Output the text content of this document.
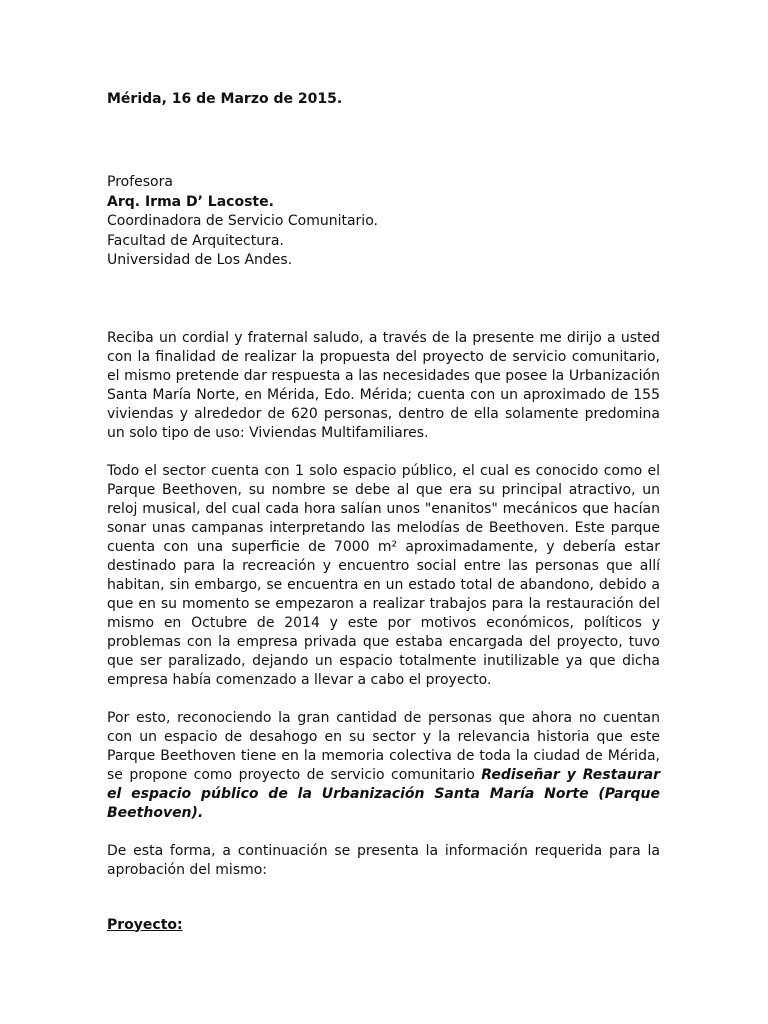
Mérida, 16 de Marzo de 2015.

Profesora
Arq. Irma D’ Lacoste.
Coordinadora de Servicio Comunitario.
Facultad de Arquitectura.
Universidad de Los Andes.

Reciba un cordial y fraternal saludo, a través de la presente me dirijo a usted con la finalidad de realizar la propuesta del proyecto de servicio comunitario, el mismo pretende dar respuesta a las necesidades que posee la Urbanización Santa María Norte, en Mérida, Edo. Mérida; cuenta con un aproximado de 155 viviendas y alrededor de 620 personas, dentro de ella solamente predomina un solo tipo de uso: Viviendas Multifamiliares.

Todo el sector cuenta con 1 solo espacio público, el cual es conocido como el Parque Beethoven, su nombre se debe al que era su principal atractivo, un reloj musical, del cual cada hora salían unos "enanitos" mecánicos que hacían sonar unas campanas interpretando las melodías de Beethoven. Este parque cuenta con una superficie de 7000 m² aproximadamente, y debería estar destinado para la recreación y encuentro social entre las personas que allí habitan, sin embargo, se encuentra en un estado total de abandono, debido a que en su momento se empezaron a realizar trabajos para la restauración del mismo en Octubre de 2014 y este por motivos económicos, políticos y problemas con la empresa privada que estaba encargada del proyecto, tuvo que ser paralizado, dejando un espacio totalmente inutilizable ya que dicha empresa había comenzado a llevar a cabo el proyecto.

Por esto, reconociendo la gran cantidad de personas que ahora no cuentan con un espacio de desahogo en su sector y la relevancia historia que este Parque Beethoven tiene en la memoria colectiva de toda la ciudad de Mérida, se propone como proyecto de servicio comunitario Rediseñar y Restaurar el espacio público de la Urbanización Santa María Norte (Parque Beethoven).

De esta forma, a continuación se presenta la información requerida para la aprobación del mismo:

Proyecto:
